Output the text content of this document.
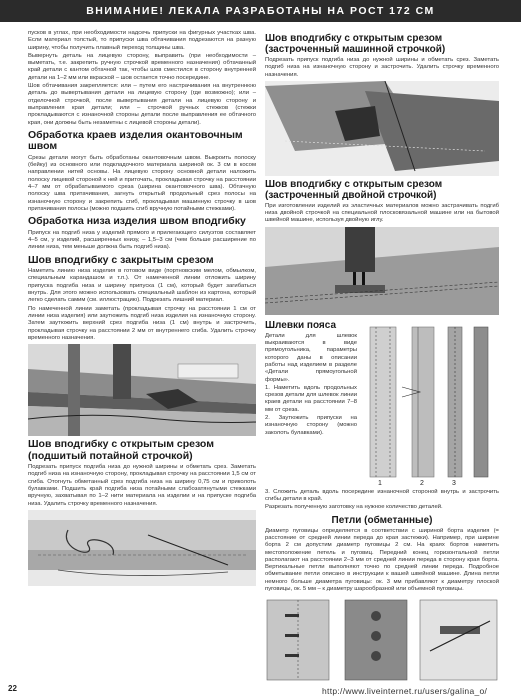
ВНИМАНИЕ! ЛЕКАЛА РАЗРАБОТАНЫ НА РОСТ 172 СМ

пусков в углах, при необходимости надсечь припуски на фигурных участках шва. Если материал толстый, то припуски шва обтачивания подрезаются на разную ширину, чтобы получить плавный переход толщины шва.

Вывернуть деталь на лицевую сторону, выправить (при необходимости – выметать, т.е. закрепить ручную строчкой временного назначения) обтачанный край детали с кантом обтачной так, чтобы шов сместился в сторону внутренней детали на 1–2 мм или вкраской – шов остается точно посередине.

Шов обтачивания закрепляется: или – путем его настрачивания на внутреннюю деталь до вывертывания детали на лицевую сторону (где возможно); или – отделочной строчкой, после вывертывания детали на лицевую сторону и выправления края детали; или – строчкой ручных стежков (стежки прокладываются с изнаночной стороны детали после выправления ее обтачного края, они должны быть незаметны с лицевой стороны детали).

Обработка краев изделия окантовочным швом

Срезы детали могут быть обработаны окантовочным швом. Выкроить полоску (бейку) из основного или подкладочного материала шириной ок. 3 см в косом направлении нитей основы. На лицевую сторону основной детали наложить полоску лицевой стороной к ней и приточать, прокладывая строчку на расстоянии 4–7 мм от обрабатываемого среза (ширина окантовочного шва). Обтачную полоску шва притачивания, загнуть открытый продольный срез полосы на изнаночную сторону и закрепить сгиб, прокладывая машинную строчку в шов притачивания полосы (можно подшить сгиб вручную потайными стежками).

Обработка низа изделия швом вподгибку

Припуск на подгиб низа у изделий прямого и прилегающего силуэтов составляет 4–5 см, у изделий, расширенных книзу, – 1,5–3 см (чем больше расширение по линии низа, тем меньше должна быть подгиб низа).

Шов вподгибку с закрытым срезом

Наметить линию низа изделия в готовом виде (портновским мелом, обмылком, специальным карандашом и т.п.). От намеченной линии отложить ширину припуска подгиба низа и ширину припуска (1 см), который будет загибаться внутрь. Для этого можно использовать специальный шаблон из картона, который легко сделать самим (см. иллюстрацию). Подрезать лишний материал.

По намеченной линии заметать (прокладывая строчку на расстоянии 1 см от линии низа изделия) или заутюжить подгиб низа изделия на изнаночную сторону. Затем заутюжить верхний срез подгиба низа (1 см) внутрь и застрочить, прокладывая строчку на расстоянии 2 мм от внутреннего сгиба. Удалить строчку временного назначения.

Шов вподгибку с открытым срезом (подшитый потайной строчкой)

Подрезать припуск подгиба низа до нужной ширины и обметать срез. Заметать подгиб низа на изнаночную сторону, прокладывая строчку на расстоянии 1,5 см от сгиба. Отогнуть обметанный срез подгиба низа на ширину 0,75 см и приколоть булавками. Подшить край подгиба низа потайными слабозатянутыми стежками вручную, захватывая по 1–2 нити материала на изделии и на припуске подгиба низа. Удалить строчку временного назначения.

Шов вподгибку с открытым срезом (застроченный машинной строчкой)

Подрезать припуск подгиба низа до нужной ширины и обметать срез. Заметать подгиб низа на изнаночную сторону и застрочить. Удалить строчку временного назначения.

Шов вподгибку с открытым срезом (застроченный двойной строчкой)

При изготовлении изделий из эластичных материалов можно застрачивать подгиб низа двойной строчкой на специальной плосковязальной машине или на бытовой швейной машине, используя двойную иглу.

Шлевки пояса

Детали для шлевок выкраиваются в виде прямоугольника, параметры которого даны в описании работы над изделием в разделе «Детали прямоугольной формы».

1. Наметить вдоль продольных срезов детали для шлевок линии краев детали на расстоянии 7–8 мм от среза.

2. Заутюжить припуски на изнаночную сторону (можно заколоть булавками).

1	2	3

3. Сложить деталь вдоль посередине изнаночной стороной внутрь и застрочить сгибы детали в край.

Разрезать полученную заготовку на нужное количество деталей.

Петли (обметанные)

Диаметр пуговицы определяется в соответствии с шириной борта изделия (= расстояние от средней линии переда до края застежки). Например, при ширине борта 2 см допустим диаметр пуговицы 2 см. На краях бортов наметить местоположение петель и пуговиц. Передний конец горизонтальной петли располагают на расстоянии 2–3 мм от средней линии переда в сторону края борта. Вертикальные петли выполняют точно по средней линии переда. Подробное обметывание петли описано в инструкции к вашей швейной машине. Длина петли немного больше диаметра пуговицы: ок. 3 мм прибавляют к диаметру плоской пуговицы, ок. 5 мм – к диаметру шарообразной или объемной пуговицы.

22	http://www.liveinternet.ru/users/galina_o/
